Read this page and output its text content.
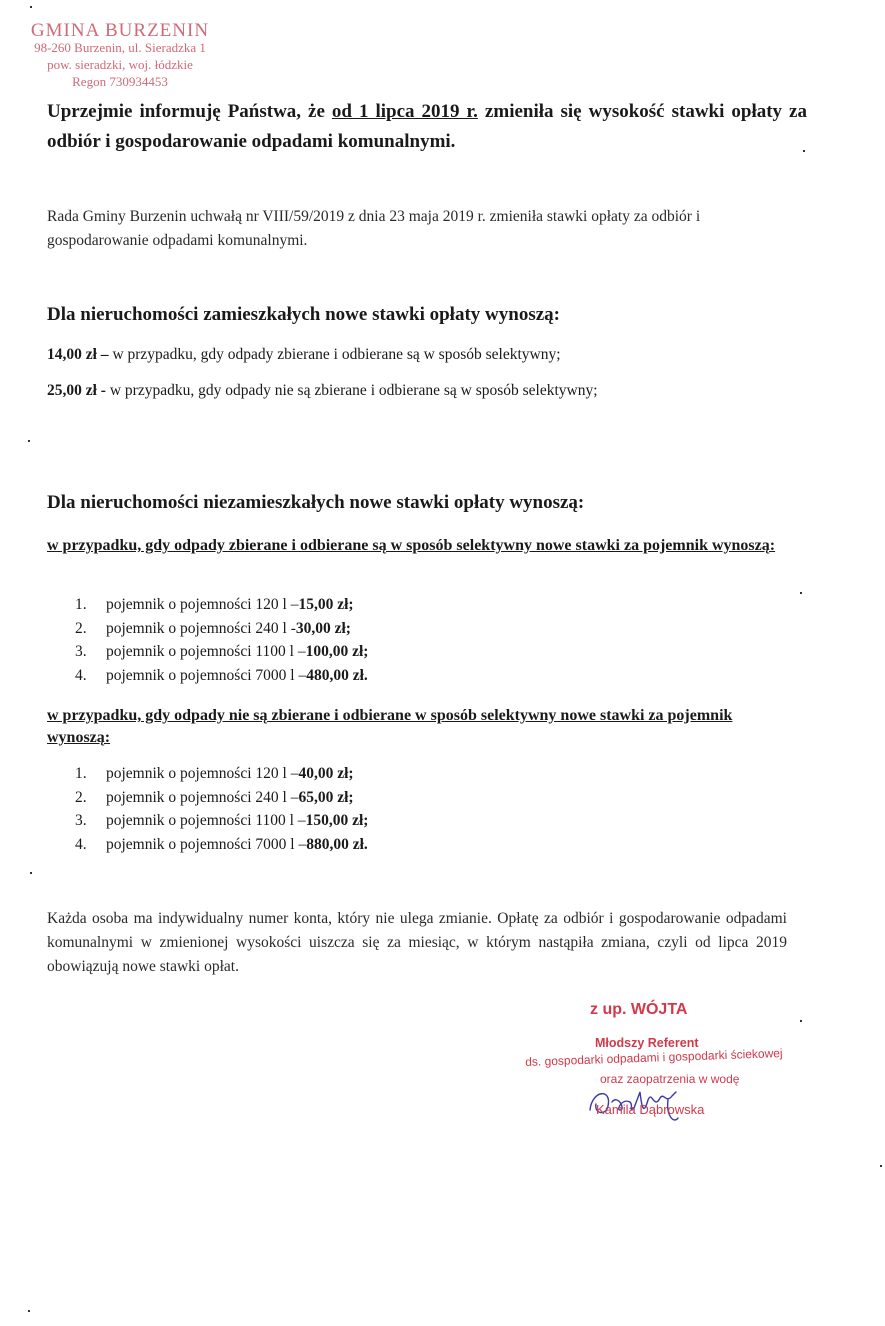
GMINA BURZENIN
98-260 Burzenin, ul. Sieradzka 1
pow. sieradzki, woj. łódzkie
Regon 730934453
Uprzejmie informuję Państwa, że od 1 lipca 2019 r. zmieniła się wysokość stawki opłaty za odbiór i gospodarowanie odpadami komunalnymi.
Rada Gminy Burzenin uchwałą nr VIII/59/2019 z dnia 23 maja 2019 r. zmieniła stawki opłaty za odbiór i gospodarowanie odpadami komunalnymi.
Dla nieruchomości zamieszkałych nowe stawki opłaty wynoszą:
14,00 zł – w przypadku, gdy odpady zbierane i odbierane są w sposób selektywny;
25,00 zł - w przypadku, gdy odpady nie są zbierane i odbierane są w sposób selektywny;
Dla nieruchomości niezamieszkałych nowe stawki opłaty wynoszą:
w przypadku, gdy odpady zbierane i odbierane są w sposób selektywny nowe stawki za pojemnik wynoszą:
1.	pojemnik o pojemności 120 l – 15,00 zł;
2.	pojemnik o pojemności 240 l - 30,00 zł;
3.	pojemnik o pojemności 1100 l – 100,00 zł;
4.	pojemnik o pojemności 7000 l – 480,00 zł.
w przypadku, gdy odpady nie są zbierane i odbierane w sposób selektywny nowe stawki za pojemnik wynoszą:
1.	pojemnik o pojemności 120 l – 40,00 zł;
2.	pojemnik o pojemności 240 l – 65,00 zł;
3.	pojemnik o pojemności 1100 l – 150,00 zł;
4.	pojemnik o pojemności 7000 l – 880,00 zł.
Każda osoba ma indywidualny numer konta, który nie ulega zmianie. Opłatę za odbiór i gospodarowanie odpadami komunalnymi w zmienionej wysokości uiszcza się za miesiąc, w którym nastąpiła zmiana, czyli od lipca 2019 obowiązują nowe stawki opłat.
z up. WÓJTA
Młodszy Referent
ds. gospodarki odpadami i gospodarki ściekowej
oraz zaopatrzenia w wodę
Kamila Dąbrowska
